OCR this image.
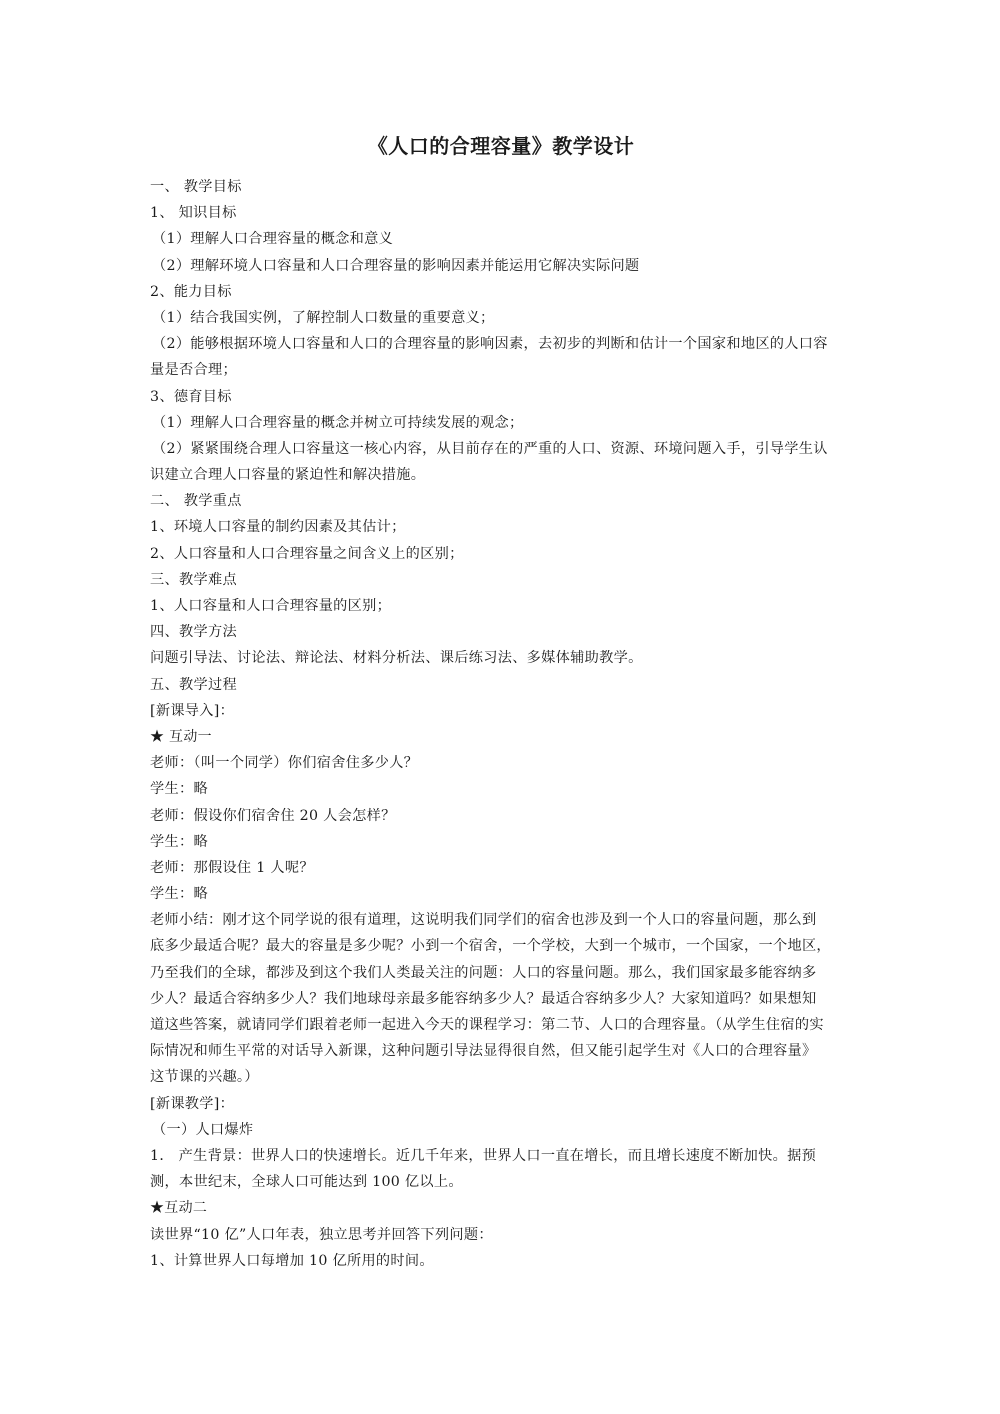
《人口的合理容量》教学设计
一、 教学目标
1、 知识目标
（1）理解人口合理容量的概念和意义
（2）理解环境人口容量和人口合理容量的影响因素并能运用它解决实际问题
2、能力目标
（1）结合我国实例，了解控制人口数量的重要意义；
（2）能够根据环境人口容量和人口的合理容量的影响因素，去初步的判断和估计一个国家和地区的人口容
量是否合理；
3、德育目标
（1）理解人口合理容量的概念并树立可持续发展的观念；
（2）紧紧围绕合理人口容量这一核心内容，从目前存在的严重的人口、资源、环境问题入手，引导学生认
识建立合理人口容量的紧迫性和解决措施。
二、 教学重点
1、环境人口容量的制约因素及其估计；
2、人口容量和人口合理容量之间含义上的区别；
三、教学难点
1、人口容量和人口合理容量的区别；
四、教学方法
问题引导法、讨论法、辩论法、材料分析法、课后练习法、多媒体辅助教学。
五、教学过程
[新课导入]：
★ 互动一
老师：（叫一个同学）你们宿舍住多少人？
学生：略
老师：假设你们宿舍住 20 人会怎样？
学生：略
老师：那假设住 1 人呢？
学生：略
老师小结：刚才这个同学说的很有道理，这说明我们同学们的宿舍也涉及到一个人口的容量问题，那么到
底多少最适合呢？最大的容量是多少呢？小到一个宿舍，一个学校，大到一个城市，一个国家，一个地区，
乃至我们的全球，都涉及到这个我们人类最关注的问题：人口的容量问题。那么，我们国家最多能容纳多
少人？最适合容纳多少人？我们地球母亲最多能容纳多少人？最适合容纳多少人？大家知道吗？如果想知
道这些答案，就请同学们跟着老师一起进入今天的课程学习：第二节、人口的合理容量。（从学生住宿的实
际情况和师生平常的对话导入新课，这种问题引导法显得很自然，但又能引起学生对《人口的合理容量》
这节课的兴趣。）
[新课教学]：
（一）人口爆炸
1． 产生背景：世界人口的快速增长。近几千年来，世界人口一直在增长，而且增长速度不断加快。据预
测，本世纪末，全球人口可能达到 100 亿以上。
★互动二
读世界“10 亿”人口年表，独立思考并回答下列问题：
1、计算世界人口每增加 10 亿所用的时间。
